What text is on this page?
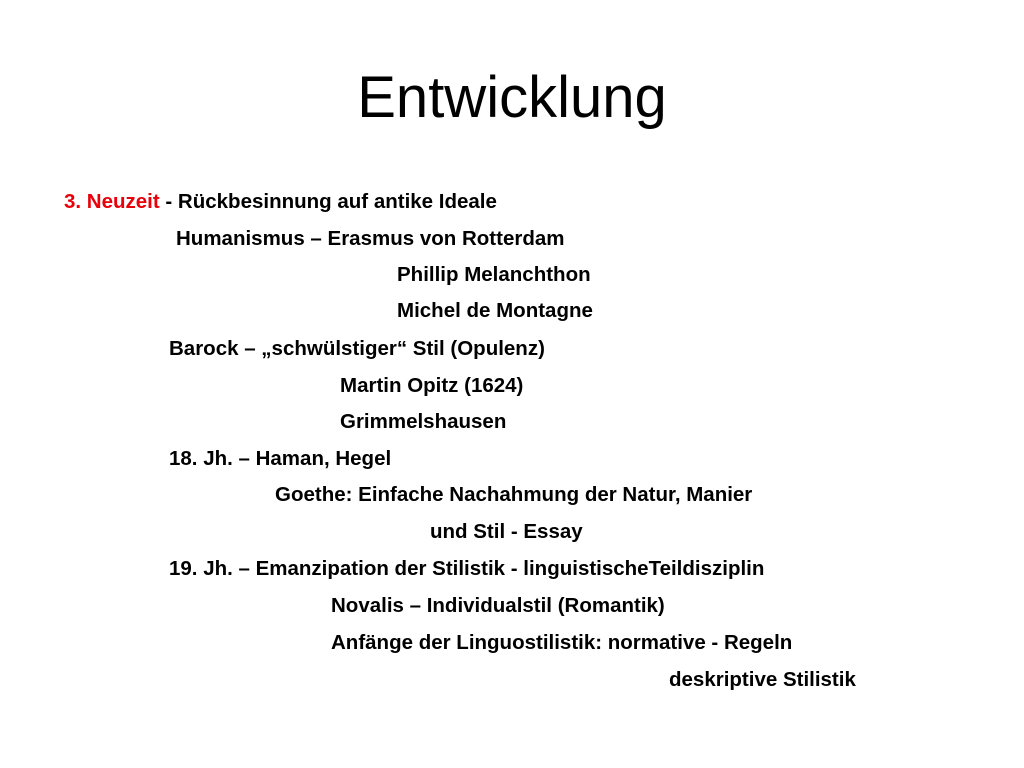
Entwicklung
3. Neuzeit - Rückbesinnung auf antike Ideale
Humanismus – Erasmus von Rotterdam
Phillip Melanchthon
Michel de Montagne
Barock – „schwülstiger“ Stil (Opulenz)
Martin Opitz (1624)
Grimmelshausen
18. Jh. – Haman, Hegel
Goethe: Einfache Nachahmung der Natur, Manier
und Stil - Essay
19. Jh. – Emanzipation der Stilistik - linguistischeTeildisziplin
Novalis – Individualstil (Romantik)
Anfänge der Linguostilistik: normative - Regeln
deskriptive Stilistik
